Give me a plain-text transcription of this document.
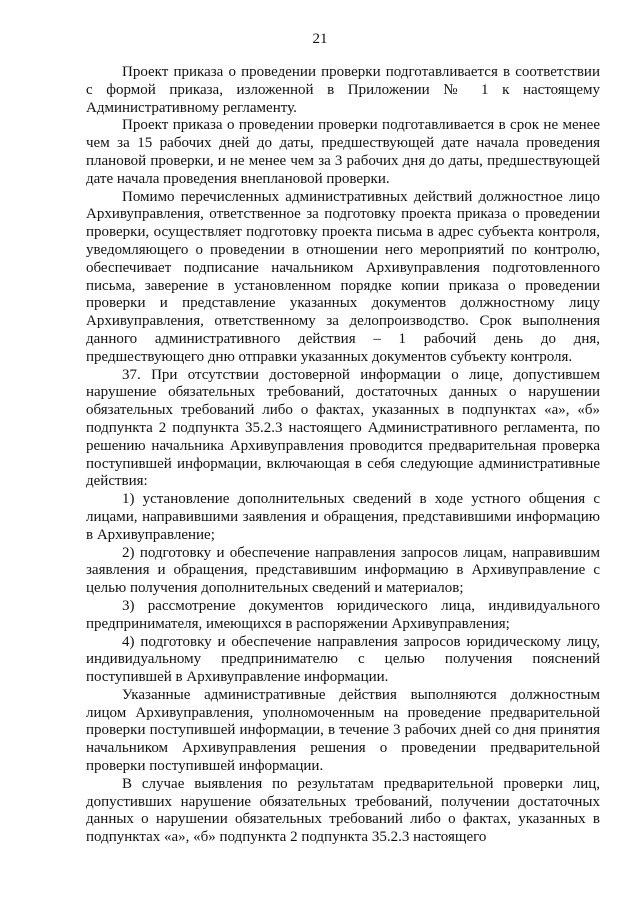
21

Проект приказа о проведении проверки подготавливается в соответствии с формой приказа, изложенной в Приложении № 1 к настоящему Административному регламенту.

Проект приказа о проведении проверки подготавливается в срок не менее чем за 15 рабочих дней до даты, предшествующей дате начала проведения плановой проверки, и не менее чем за 3 рабочих дня до даты, предшествующей дате начала проведения внеплановой проверки.

Помимо перечисленных административных действий должностное лицо Архивуправления, ответственное за подготовку проекта приказа о проведении проверки, осуществляет подготовку проекта письма в адрес субъекта контроля, уведомляющего о проведении в отношении него мероприятий по контролю, обеспечивает подписание начальником Архивуправления подготовленного письма, заверение в установленном порядке копии приказа о проведении проверки и представление указанных документов должностному лицу Архивуправления, ответственному за делопроизводство. Срок выполнения данного административного действия – 1 рабочий день до дня, предшествующего дню отправки указанных документов субъекту контроля.

37. При отсутствии достоверной информации о лице, допустившем нарушение обязательных требований, достаточных данных о нарушении обязательных требований либо о фактах, указанных в подпунктах «а», «б» подпункта 2 подпункта 35.2.3 настоящего Административного регламента, по решению начальника Архивуправления проводится предварительная проверка поступившей информации, включающая в себя следующие административные действия:

1) установление дополнительных сведений в ходе устного общения с лицами, направившими заявления и обращения, представившими информацию в Архивуправление;

2) подготовку и обеспечение направления запросов лицам, направившим заявления и обращения, представившим информацию в Архивуправление с целью получения дополнительных сведений и материалов;

3) рассмотрение документов юридического лица, индивидуального предпринимателя, имеющихся в распоряжении Архивуправления;

4) подготовку и обеспечение направления запросов юридическому лицу, индивидуальному предпринимателю с целью получения пояснений поступившей в Архивуправление информации.

Указанные административные действия выполняются должностным лицом Архивуправления, уполномоченным на проведение предварительной проверки поступившей информации, в течение 3 рабочих дней со дня принятия начальником Архивуправления решения о проведении предварительной проверки поступившей информации.

В случае выявления по результатам предварительной проверки лиц, допустивших нарушение обязательных требований, получении достаточных данных о нарушении обязательных требований либо о фактах, указанных в подпунктах «а», «б» подпункта 2 подпункта 35.2.3 настоящего
